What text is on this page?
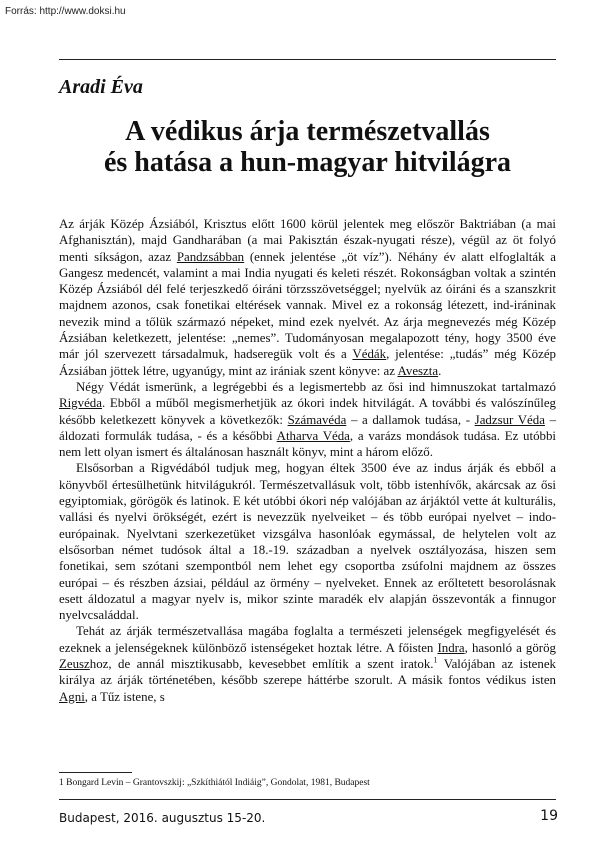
Forrás: http://www.doksi.hu
Aradi Éva
A védikus árja természetvallás
és hatása a hun-magyar hitvilágra

Az árják Közép Ázsiából, Krisztus előtt 1600 körül jelentek meg először Baktriában (a mai Afghanisztán), majd Gandharában (a mai Pakisztán észak-nyugati része), végül az öt folyó menti síkságon, azaz Pandzsábban (ennek jelentése „öt víz”). Néhány év alatt elfoglalták a Gangesz medencét, valamint a mai India nyugati és keleti részét. Rokonságban voltak a szintén Közép Ázsiából dél felé terjeszkedő óiráni törzsszövetséggel; nyelvük az óiráni és a szanszkrit majdnem azonos, csak fonetikai eltérések vannak. Mivel ez a rokonság létezett, ind-iráninak nevezik mind a tőlük származó népeket, mind ezek nyelvét. Az árja megnevezés még Közép Ázsiában keletkezett, jelentése: „nemes”. Tudományosan megalapozott tény, hogy 3500 éve már jól szervezett társadalmuk, hadseregük volt és a Védák, jelentése: „tudás” még Közép Ázsiában jöttek létre, ugyanúgy, mint az irániak szent könyve: az Aveszta.

Négy Védát ismerünk, a legrégebbi és a legismertebb az ősi ind himnuszokat tartalmazó Rigvéda. Ebből a műből megismerhetjük az ókori indek hitvilágát. A további és valószínűleg később keletkezett könyvek a következők: Számavéda – a dallamok tudása, - Jadzsur Véda – áldozati formulák tudása, - és a későbbi Atharva Véda, a varázs mondások tudása. Ez utóbbi nem lett olyan ismert és általánosan használt könyv, mint a három előző.

Elsősorban a Rigvédából tudjuk meg, hogyan éltek 3500 éve az indus árják és ebből a könyvből értesülhetünk hitvilágukról. Természetvallásuk volt, több istenhívők, akárcsak az ősi egyiptomiak, görögök és latinok. E két utóbbi ókori nép valójában az árjáktól vette át kulturális, vallási és nyelvi örökségét, ezért is nevezzük nyelveiket – és több európai nyelvet – indo-európainak. Nyelvtani szerkezetüket vizsgálva hasonlóak egymással, de helytelen volt az elsősorban német tudósok által a 18.-19. században a nyelvek osztályozása, hiszen sem fonetikai, sem szótani szempontból nem lehet egy csoportba zsúfolni majdnem az összes európai – és részben ázsiai, például az örmény – nyelveket. Ennek az erőltetett besorolásnak esett áldozatul a magyar nyelv is, mikor szinte maradék elv alapján összevonták a finnugor nyelvcsaláddal.

Tehát az árják természetvallása magába foglalta a természeti jelenségek megfigyelését és ezeknek a jelenségeknek különböző istenségeket hoztak létre. A főisten Indra, hasonló a görög Zeuszhoz, de annál misztikusabb, kevesebbet említik a szent iratok.$^1$ Valójában az istenek királya az árják történetében, később szerepe háttérbe szorult. A másik fontos védikus isten Agni, a Tűz istene, s

1 Bongard Levin – Grantovszkij: „Szkíthiától Indiáig”, Gondolat, 1981, Budapest
Budapest, 2016. augusztus 15-20.	19
